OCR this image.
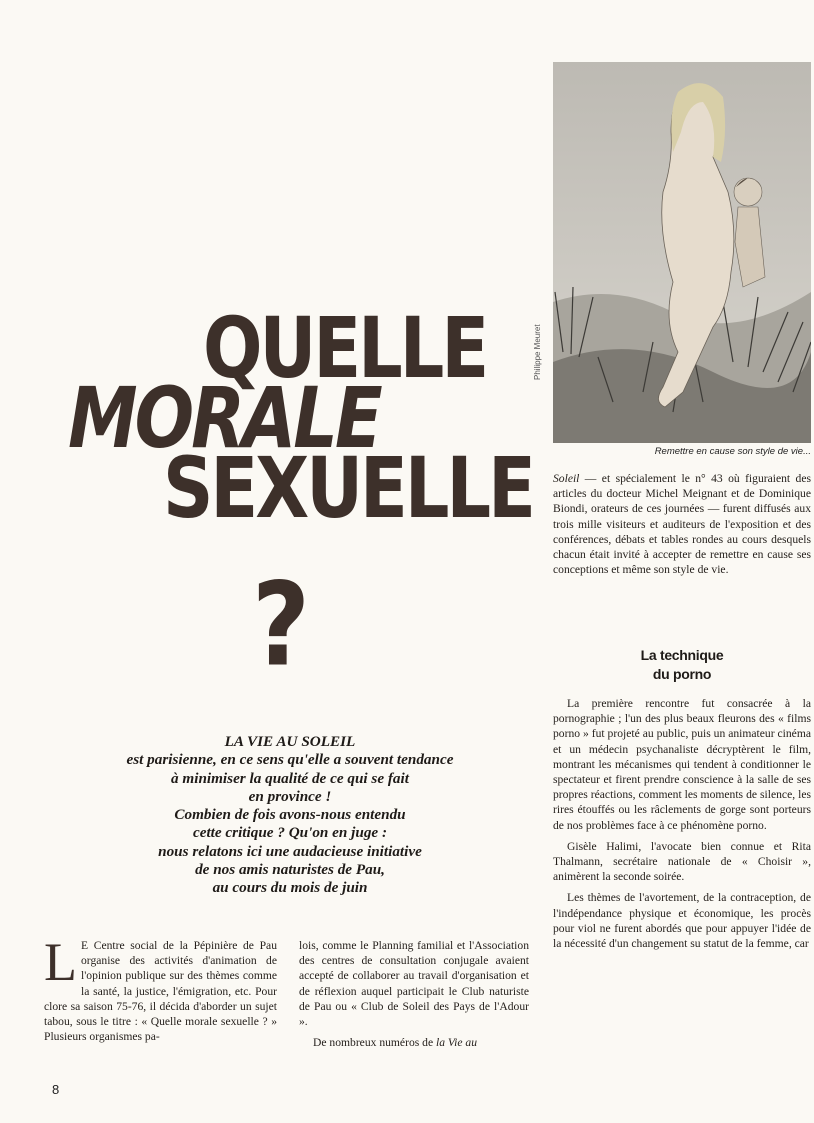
QUELLE
MORALE
SEXUELLE
?
Philippe Meuret
Remettre en cause son style de vie...
LA VIE AU SOLEIL
est parisienne, en ce sens qu'elle a souvent tendance
à minimiser la qualité de ce qui se fait
en province !
Combien de fois avons-nous entendu
cette critique ? Qu'on en juge :
nous relatons ici une audacieuse initiative
de nos amis naturistes de Pau,
au cours du mois de juin

L E Centre social de la Pépinière de Pau organise des activités d'animation de l'opinion publique sur des thèmes comme la santé, la justice, l'émigration, etc. Pour clore sa saison 75-76, il décida d'aborder un sujet tabou, sous le titre : « Quelle morale sexuelle ? » Plusieurs organismes pa-

lois, comme le Planning familial et l'Association des centres de consultation conjugale avaient accepté de collaborer au travail d'organisation et de réflexion auquel participait le Club naturiste de Pau ou « Club de Soleil des Pays de l'Adour ».

De nombreux numéros de la Vie au

Soleil — et spécialement le n° 43 où figuraient des articles du docteur Michel Meignant et de Dominique Biondi, orateurs de ces journées — furent diffusés aux trois mille visiteurs et auditeurs de l'exposition et des conférences, débats et tables rondes au cours desquels chacun était invité à accepter de remettre en cause ses conceptions et même son style de vie.

La technique
du porno

La première rencontre fut consacrée à la pornographie ; l'un des plus beaux fleurons des « films porno » fut projeté au public, puis un animateur cinéma et un médecin psychanaliste décryptèrent le film, montrant les mécanismes qui tendent à conditionner le spectateur et firent prendre conscience à la salle de ses propres réactions, comment les moments de silence, les rires étouffés ou les râclements de gorge sont porteurs de nos problèmes face à ce phénomène porno.

Gisèle Halimi, l'avocate bien connue et Rita Thalmann, secrétaire nationale de « Choisir », animèrent la seconde soirée.

Les thèmes de l'avortement, de la contraception, de l'indépendance physique et économique, les procès pour viol ne furent abordés que pour appuyer l'idée de la nécessité d'un changement su statut de la femme, car

8
